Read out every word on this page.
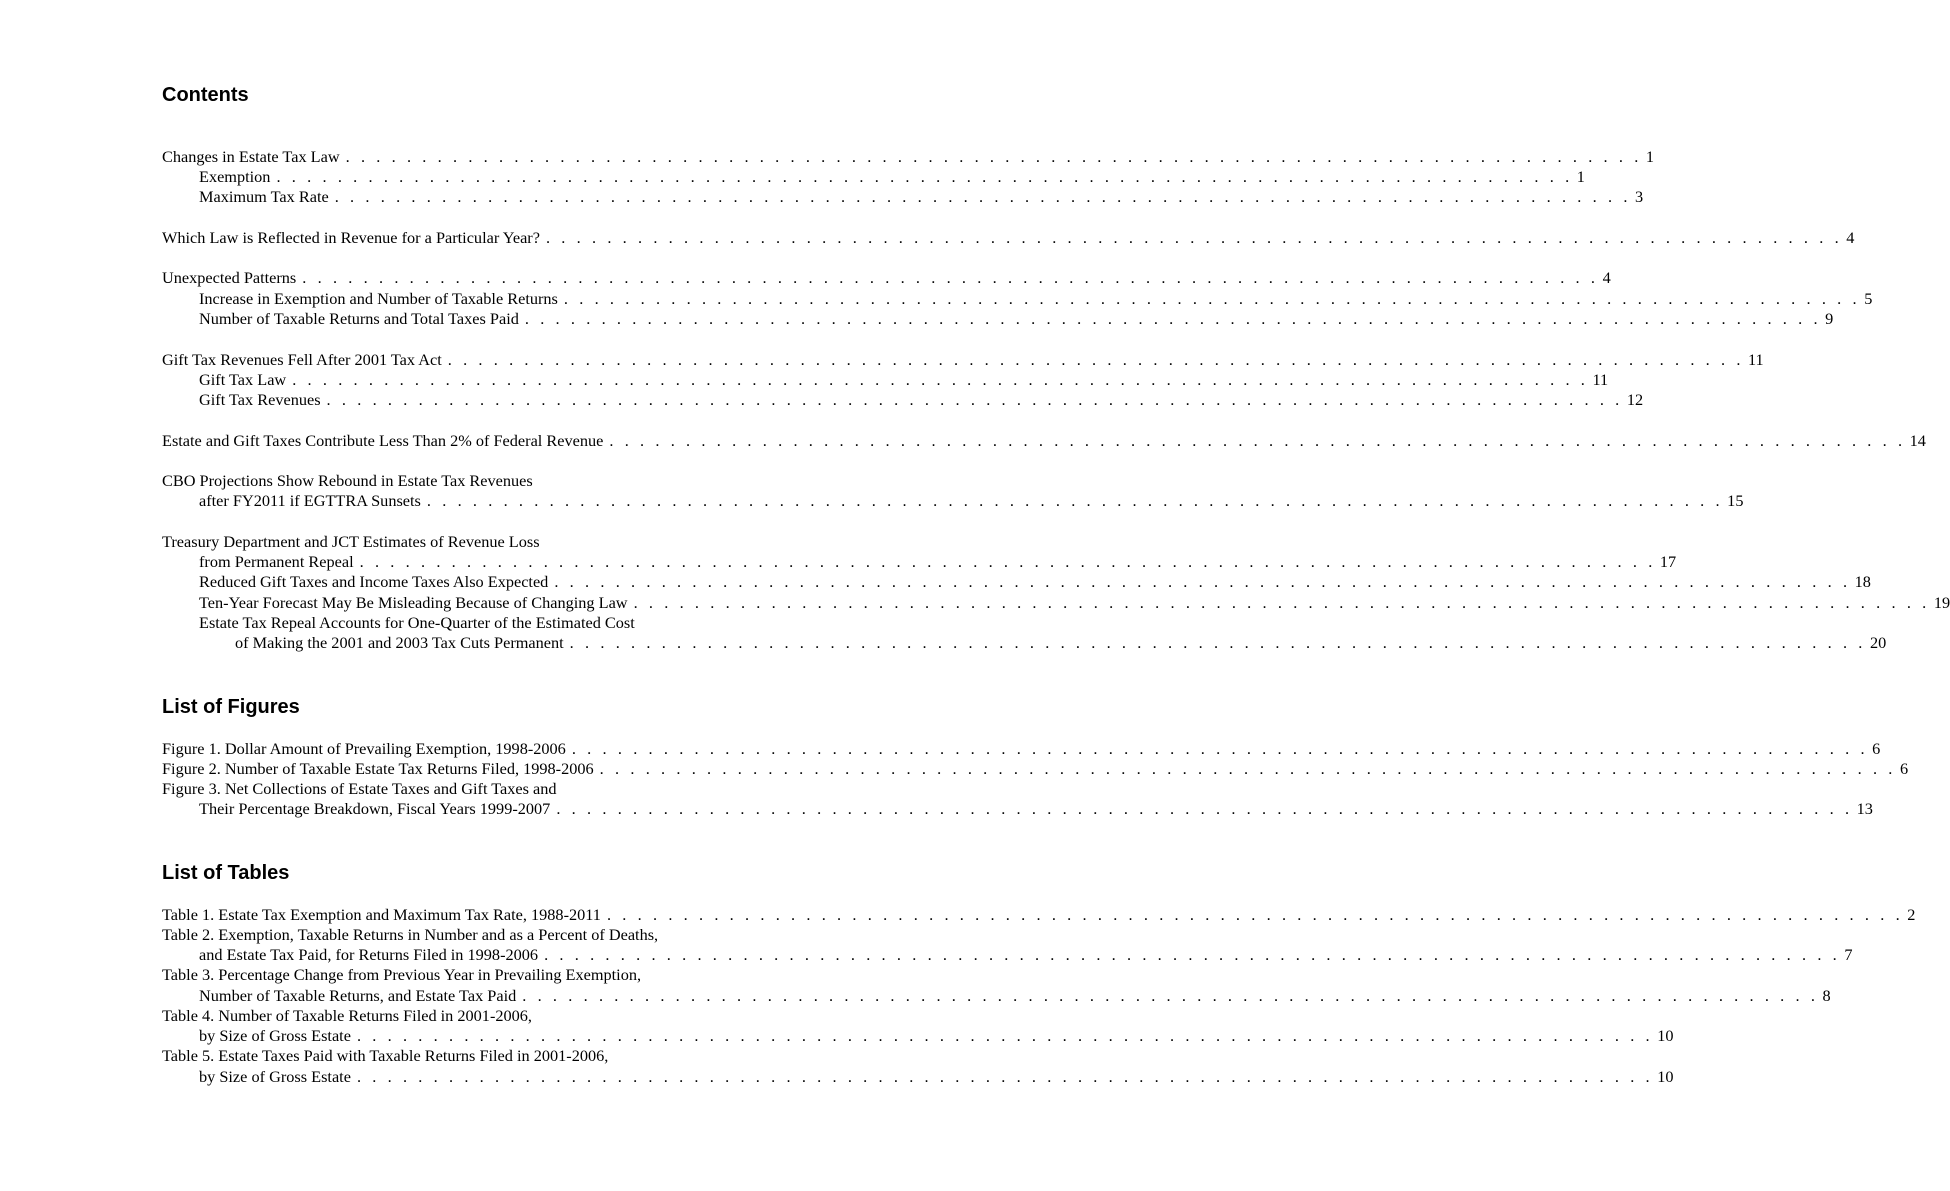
Contents
Changes in Estate Tax Law . . . . . . . . . . . . . . . . . . . . . . . . . . . . . . . . . . . . . . . . . . . . . . . . . . . . . . . . . . . . . . . . . . . . . . . . . . . . . . . . . . . . . 1
Exemption . . . . . . . . . . . . . . . . . . . . . . . . . . . . . . . . . . . . . . . . . . . . . . . . . . . . . . . . . . . . . . . . . . . . . . . . . . . . . . . . . . . . . 1
Maximum Tax Rate . . . . . . . . . . . . . . . . . . . . . . . . . . . . . . . . . . . . . . . . . . . . . . . . . . . . . . . . . . . . . . . . . . . . . . . . . . . . . . . . . . . . . 3
Which Law is Reflected in Revenue for a Particular Year? . . . . . . . . . . . . . . . . . . . . . . . . . . . . . . . . . . . . . . . . . . . . . . . . . . . . . . . . . . . . . . . . . . . . . . . . . . . . . . . . . . . . . 4
Unexpected Patterns . . . . . . . . . . . . . . . . . . . . . . . . . . . . . . . . . . . . . . . . . . . . . . . . . . . . . . . . . . . . . . . . . . . . . . . . . . . . . . . . . . . . . 4
Increase in Exemption and Number of Taxable Returns . . . . . . . . . . . . . . . . . . . . . . . . . . . . . . . . . . . . . . . . . . . . . . . . . . . . . . . . . . . . . . . . . . . . . . . . . . . . . . . . . . . . . 5
Number of Taxable Returns and Total Taxes Paid . . . . . . . . . . . . . . . . . . . . . . . . . . . . . . . . . . . . . . . . . . . . . . . . . . . . . . . . . . . . . . . . . . . . . . . . . . . . . . . . . . . . . 9
Gift Tax Revenues Fell After 2001 Tax Act . . . . . . . . . . . . . . . . . . . . . . . . . . . . . . . . . . . . . . . . . . . . . . . . . . . . . . . . . . . . . . . . . . . . . . . . . . . . . . . . . . . . . 11
Gift Tax Law . . . . . . . . . . . . . . . . . . . . . . . . . . . . . . . . . . . . . . . . . . . . . . . . . . . . . . . . . . . . . . . . . . . . . . . . . . . . . . . . . . . . . 11
Gift Tax Revenues . . . . . . . . . . . . . . . . . . . . . . . . . . . . . . . . . . . . . . . . . . . . . . . . . . . . . . . . . . . . . . . . . . . . . . . . . . . . . . . . . . . . . 12
Estate and Gift Taxes Contribute Less Than 2% of Federal Revenue . . . . . . . . . . . . . . . . . . . . . . . . . . . . . . . . . . . . . . . . . . . . . . . . . . . . . . . . . . . . . . . . . . . . . . . . . . . . . . . . . . . . . 14
CBO Projections Show Rebound in Estate Tax Revenues
after FY2011 if EGTTRA Sunsets . . . . . . . . . . . . . . . . . . . . . . . . . . . . . . . . . . . . . . . . . . . . . . . . . . . . . . . . . . . . . . . . . . . . . . . . . . . . . . . . . . . . . 15
Treasury Department and JCT Estimates of Revenue Loss
from Permanent Repeal . . . . . . . . . . . . . . . . . . . . . . . . . . . . . . . . . . . . . . . . . . . . . . . . . . . . . . . . . . . . . . . . . . . . . . . . . . . . . . . . . . . . . 17
Reduced Gift Taxes and Income Taxes Also Expected . . . . . . . . . . . . . . . . . . . . . . . . . . . . . . . . . . . . . . . . . . . . . . . . . . . . . . . . . . . . . . . . . . . . . . . . . . . . . . . . . . . . . 18
Ten-Year Forecast May Be Misleading Because of Changing Law . . . . . . . . . . . . . . . . . . . . . . . . . . . . . . . . . . . . . . . . . . . . . . . . . . . . . . . . . . . . . . . . . . . . . . . . . . . . . . . . . . . . . 19
Estate Tax Repeal Accounts for One-Quarter of the Estimated Cost
of Making the 2001 and 2003 Tax Cuts Permanent . . . . . . . . . . . . . . . . . . . . . . . . . . . . . . . . . . . . . . . . . . . . . . . . . . . . . . . . . . . . . . . . . . . . . . . . . . . . . . . . . . . . . 20
List of Figures
Figure 1. Dollar Amount of Prevailing Exemption, 1998-2006 . . . . . . . . . . . . . . . . . . . . . . . . . . . . . . . . . . . . . . . . . . . . . . . . . . . . . . . . . . . . . . . . . . . . . . . . . . . . . . . . . . . . . 6
Figure 2. Number of Taxable Estate Tax Returns Filed, 1998-2006 . . . . . . . . . . . . . . . . . . . . . . . . . . . . . . . . . . . . . . . . . . . . . . . . . . . . . . . . . . . . . . . . . . . . . . . . . . . . . . . . . . . . . 6
Figure 3. Net Collections of Estate Taxes and Gift Taxes and
Their Percentage Breakdown, Fiscal Years 1999-2007 . . . . . . . . . . . . . . . . . . . . . . . . . . . . . . . . . . . . . . . . . . . . . . . . . . . . . . . . . . . . . . . . . . . . . . . . . . . . . . . . . . . . . 13
List of Tables
Table 1. Estate Tax Exemption and Maximum Tax Rate, 1988-2011 . . . . . . . . . . . . . . . . . . . . . . . . . . . . . . . . . . . . . . . . . . . . . . . . . . . . . . . . . . . . . . . . . . . . . . . . . . . . . . . . . . . . . 2
Table 2. Exemption, Taxable Returns in Number and as a Percent of Deaths,
and Estate Tax Paid, for Returns Filed in 1998-2006 . . . . . . . . . . . . . . . . . . . . . . . . . . . . . . . . . . . . . . . . . . . . . . . . . . . . . . . . . . . . . . . . . . . . . . . . . . . . . . . . . . . . . 7
Table 3. Percentage Change from Previous Year in Prevailing Exemption,
Number of Taxable Returns, and Estate Tax Paid . . . . . . . . . . . . . . . . . . . . . . . . . . . . . . . . . . . . . . . . . . . . . . . . . . . . . . . . . . . . . . . . . . . . . . . . . . . . . . . . . . . . . 8
Table 4. Number of Taxable Returns Filed in 2001-2006,
by Size of Gross Estate . . . . . . . . . . . . . . . . . . . . . . . . . . . . . . . . . . . . . . . . . . . . . . . . . . . . . . . . . . . . . . . . . . . . . . . . . . . . . . . . . . . . . 10
Table 5. Estate Taxes Paid with Taxable Returns Filed in 2001-2006,
by Size of Gross Estate . . . . . . . . . . . . . . . . . . . . . . . . . . . . . . . . . . . . . . . . . . . . . . . . . . . . . . . . . . . . . . . . . . . . . . . . . . . . . . . . . . . . . 10
